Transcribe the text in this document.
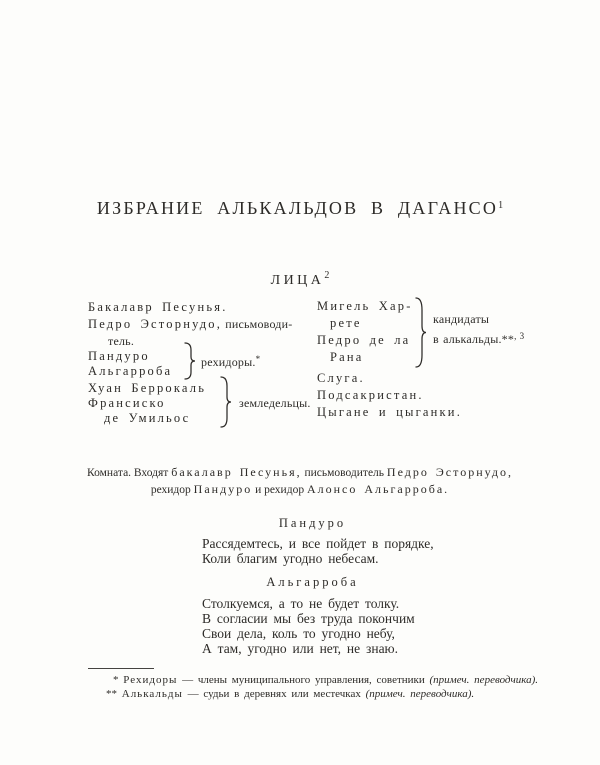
ИЗБРАНИЕ АЛЬКАЛЬДОВ В ДАГАНСО$^1$
ЛИЦА$^2$
Бакалавр Песунья.
Педро Эсторнудо, письмоводи-
тель.
Пандуро
Альгарроба
рехидоры.*
Хуан Беррокаль
Франсиско
де Умильос
земледельцы.
Мигель Хар-
рете
Педро де ла
Рана
кандидаты
в алькальды.**$^{, 3}$
Слуга.
Подсакристан.
Цыгане и цыганки.
Комната. Входят бакалавр Песунья, письмоводитель Педро Эсторнудо,
рехидор Пандуро и рехидор Алонсо Альгарроба.
Пандуро
Рассядемтесь, и все пойдет в порядке,
Коли благим угодно небесам.
Альгарроба
Столкуемся, а то не будет толку.
В согласии мы без труда покончим
Свои дела, коль то угодно небу,
А там, угодно или нет, не знаю.
* Рехидоры — члены муниципального управления, советники (примеч. переводчика).
** Алькальды — судьи в деревнях или местечках (примеч. переводчика).
